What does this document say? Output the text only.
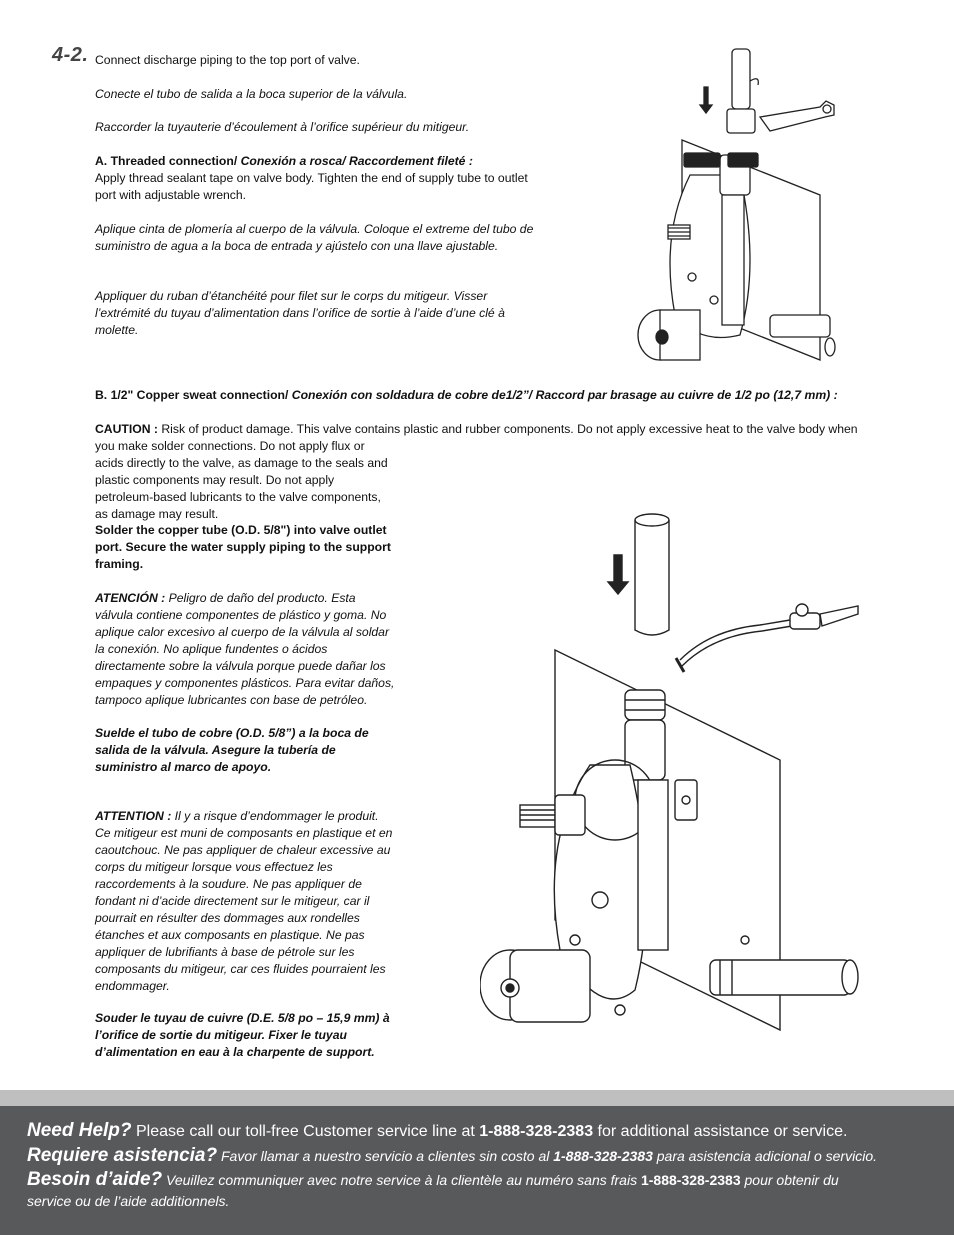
4-2. Connect discharge piping to the top port of valve.

Conecte el tubo de salida a la boca superior de la válvula.

Raccorder la tuyauterie d’écoulement à l’orifice supérieur du mitigeur.

A. Threaded connection/ Conexión a rosca/ Raccordement fileté :

Apply thread sealant tape on valve body. Tighten the end of supply tube to outlet port with adjustable wrench.

Aplique cinta de plomería al cuerpo de la válvula. Coloque el extreme del tubo de suministro de agua a la boca de entrada y ajústelo con una llave ajustable.

Appliquer du ruban d’étanchéité pour filet sur le corps du mitigeur. Visser l’extrémité du tuyau d’alimentation dans l’orifice de sortie à l’aide d’une clé à molette.

B. 1/2" Copper sweat connection/ Conexión con soldadura de cobre de1/2”/ Raccord par brasage au cuivre de 1/2 po (12,7 mm) :

CAUTION : Risk of product damage. This valve contains plastic and rubber components. Do not apply excessive heat to the valve body when

you make solder connections. Do not apply flux or acids directly to the valve, as damage to the seals and plastic components may result. Do not apply petroleum-based lubricants to the valve components, as damage may result.

Solder the copper tube (O.D. 5/8") into valve outlet port. Secure the water supply piping to the support framing.

ATENCIÓN : Peligro de daño del producto. Esta válvula contiene componentes de plástico y goma. No aplique calor excesivo al cuerpo de la válvula al soldar la conexión. No aplique fundentes o ácidos directamente sobre la válvula porque puede dañar los empaques y componentes plásticos. Para evitar daños, tampoco aplique lubricantes con base de petróleo.

Suelde el tubo de cobre (O.D. 5/8”) a la boca de salida de la válvula. Asegure la tubería de suministro al marco de apoyo.

ATTENTION : Il y a risque d’endommager le produit. Ce mitigeur est muni de composants en plastique et en caoutchouc. Ne pas appliquer de chaleur excessive au corps du mitigeur lorsque vous effectuez les raccordements à la soudure. Ne pas appliquer de fondant ni d’acide directement sur le mitigeur, car il pourrait en résulter des dommages aux rondelles étanches et aux composants en plastique. Ne pas appliquer de lubrifiants à base de pétrole sur les composants du mitigeur, car ces fluides pourraient les endommager.

Souder le tuyau de cuivre (D.E. 5/8 po – 15,9 mm) à l’orifice de sortie du mitigeur. Fixer le tuyau d’alimentation en eau à la charpente de support.

Need Help? Please call our toll-free Customer service line at 1-888-328-2383 for additional assistance or service.
Requiere asistencia? Favor llamar a nuestro servicio a clientes sin costo al 1-888-328-2383 para asistencia adicional o servicio.
Besoin d’aide? Veuillez communiquer avec notre service à la clientèle au numéro sans frais 1-888-328-2383 pour obtenir du
service ou de l’aide additionnels.
